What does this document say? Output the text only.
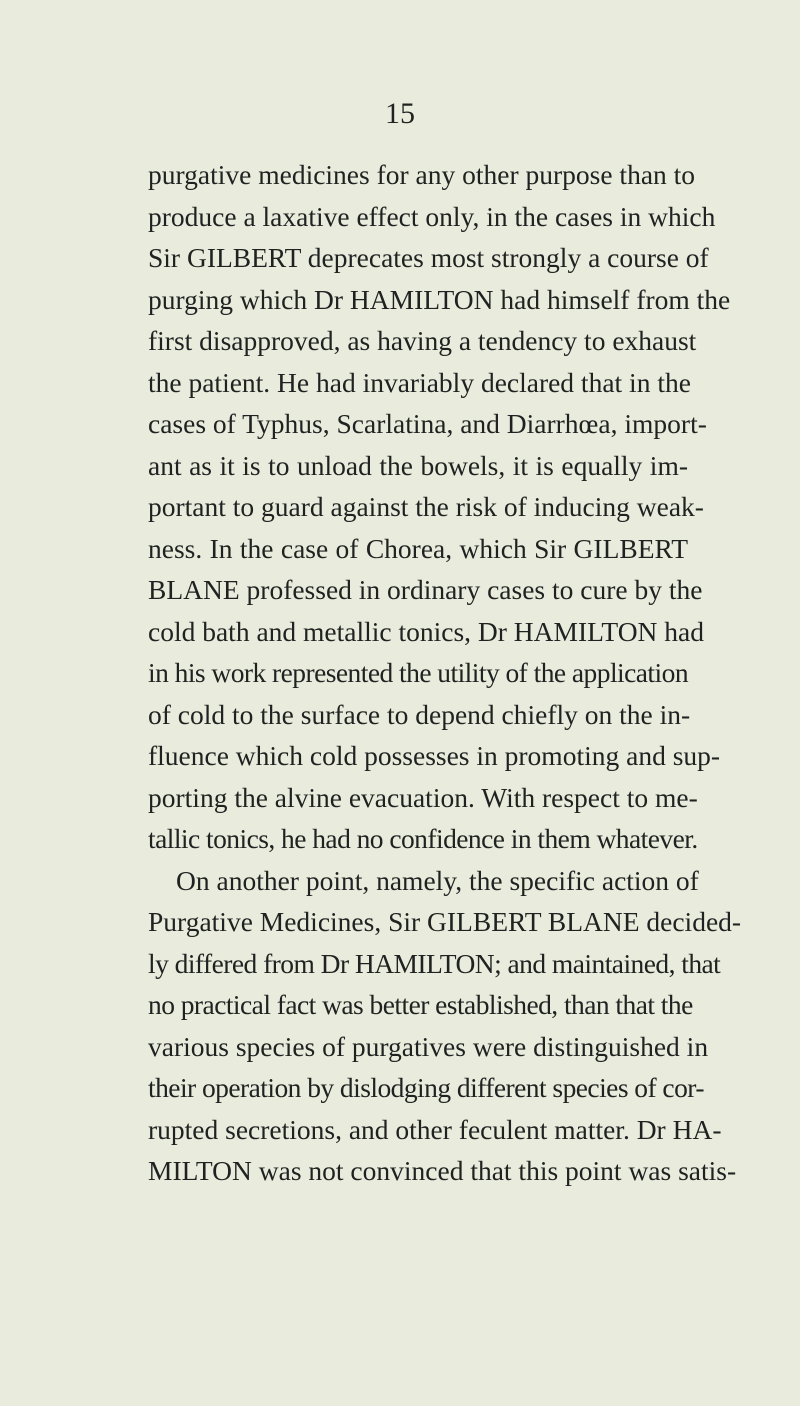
15
purgative medicines for any other purpose than to
produce a laxative effect only, in the cases in which
Sir GILBERT deprecates most strongly a course of
purging which Dr HAMILTON had himself from the
first disapproved, as having a tendency to exhaust
the patient. He had invariably declared that in the
cases of Typhus, Scarlatina, and Diarrhœa, import-
ant as it is to unload the bowels, it is equally im-
portant to guard against the risk of inducing weak-
ness. In the case of Chorea, which Sir GILBERT
BLANE professed in ordinary cases to cure by the
cold bath and metallic tonics, Dr HAMILTON had
in his work represented the utility of the application
of cold to the surface to depend chiefly on the in-
fluence which cold possesses in promoting and sup-
porting the alvine evacuation. With respect to me-
tallic tonics, he had no confidence in them whatever.
On another point, namely, the specific action of
Purgative Medicines, Sir GILBERT BLANE decided-
ly differed from Dr HAMILTON; and maintained, that
no practical fact was better established, than that the
various species of purgatives were distinguished in
their operation by dislodging different species of cor-
rupted secretions, and other feculent matter. Dr HA-
MILTON was not convinced that this point was satis-
